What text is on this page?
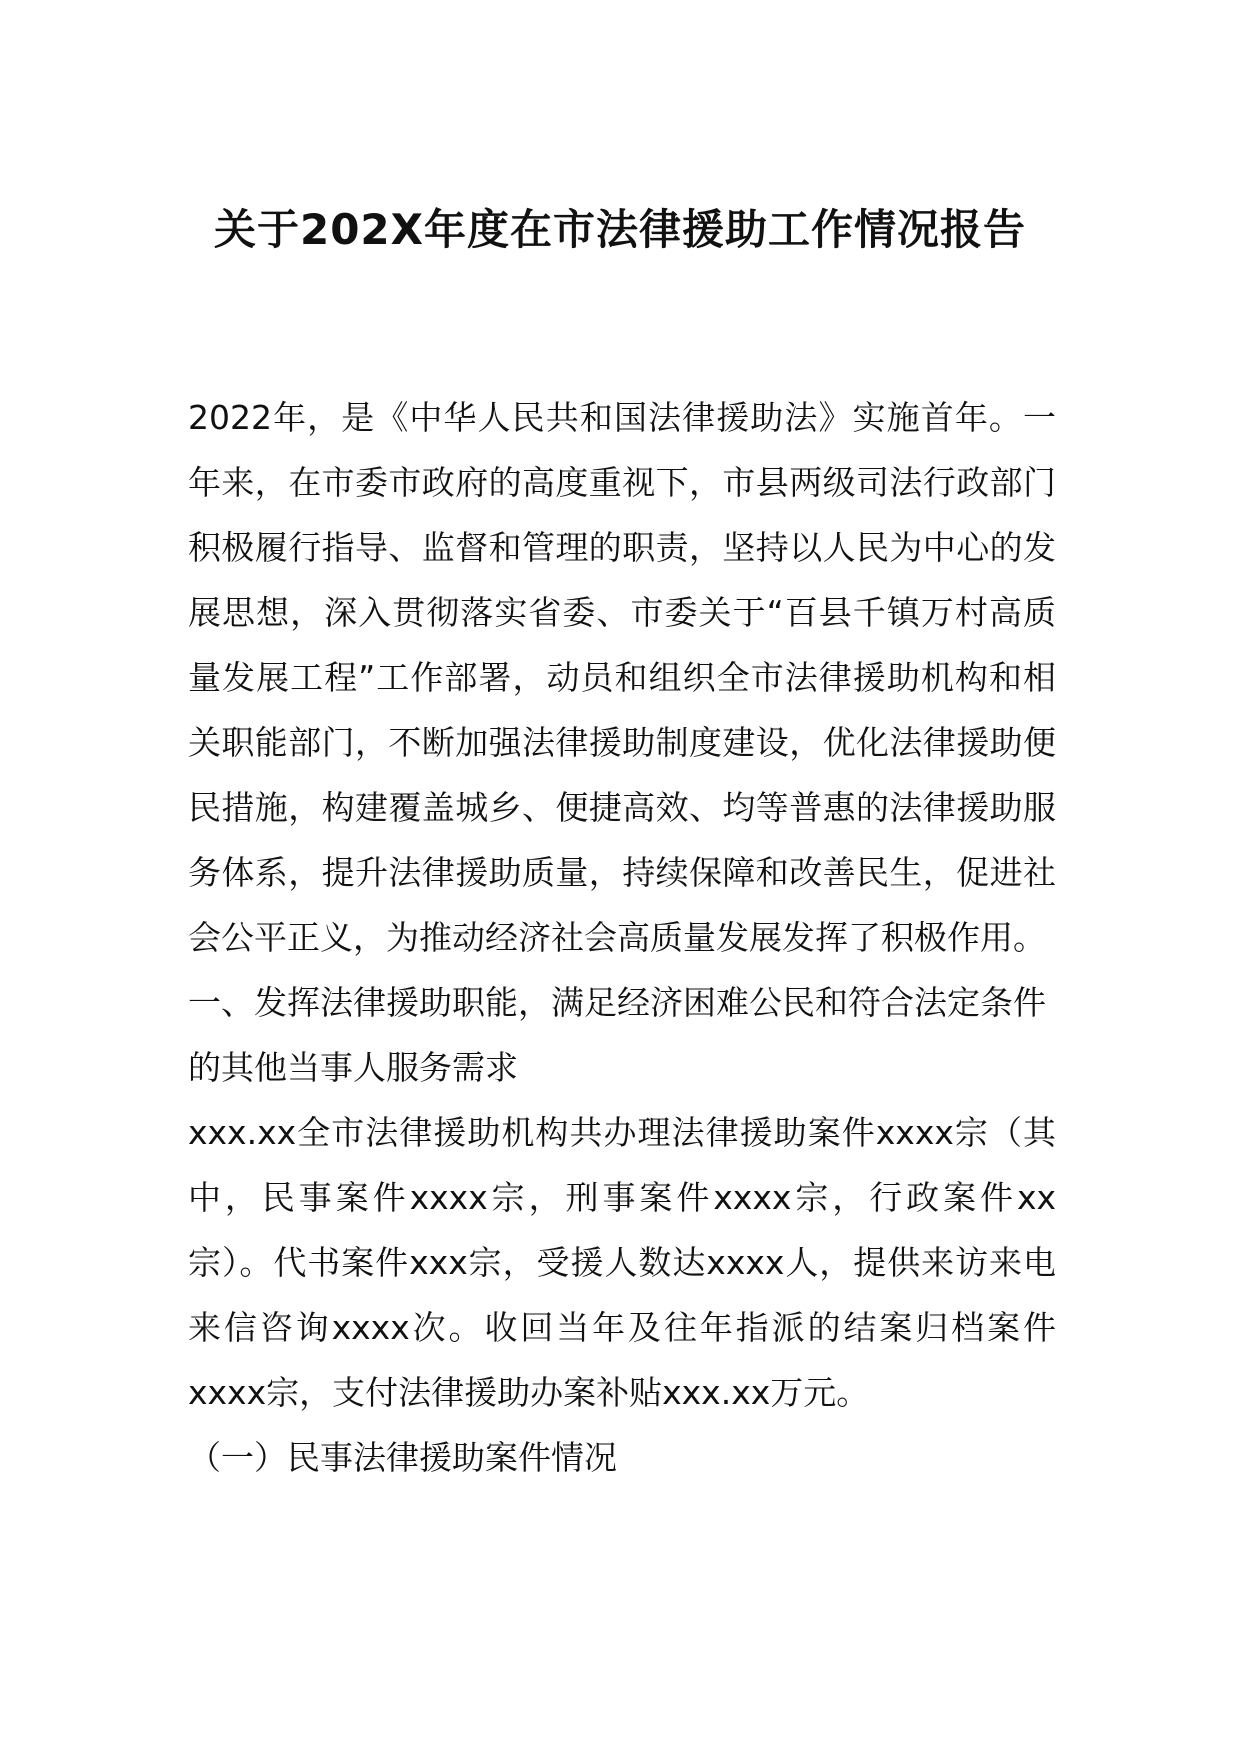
关于202X年度在市法律援助工作情况报告

2022年，是《中华人民共和国法律援助法》实施首年。一年来，在市委市政府的高度重视下，市县两级司法行政部门积极履行指导、监督和管理的职责，坚持以人民为中心的发展思想，深入贯彻落实省委、市委关于“百县千镇万村高质量发展工程”工作部署，动员和组织全市法律援助机构和相关职能部门，不断加强法律援助制度建设，优化法律援助便民措施，构建覆盖城乡、便捷高效、均等普惠的法律援助服务体系，提升法律援助质量，持续保障和改善民生，促进社会公平正义，为推动经济社会高质量发展发挥了积极作用。

一、发挥法律援助职能，满足经济困难公民和符合法定条件的其他当事人服务需求

xxx.xx全市法律援助机构共办理法律援助案件xxxx宗（其中，民事案件xxxx宗，刑事案件xxxx宗，行政案件xx宗）。代书案件xxx宗，受援人数达xxxx人，提供来访来电来信咨询xxxx次。收回当年及往年指派的结案归档案件xxxx宗，支付法律援助办案补贴xxx.xx万元。

（一）民事法律援助案件情况
